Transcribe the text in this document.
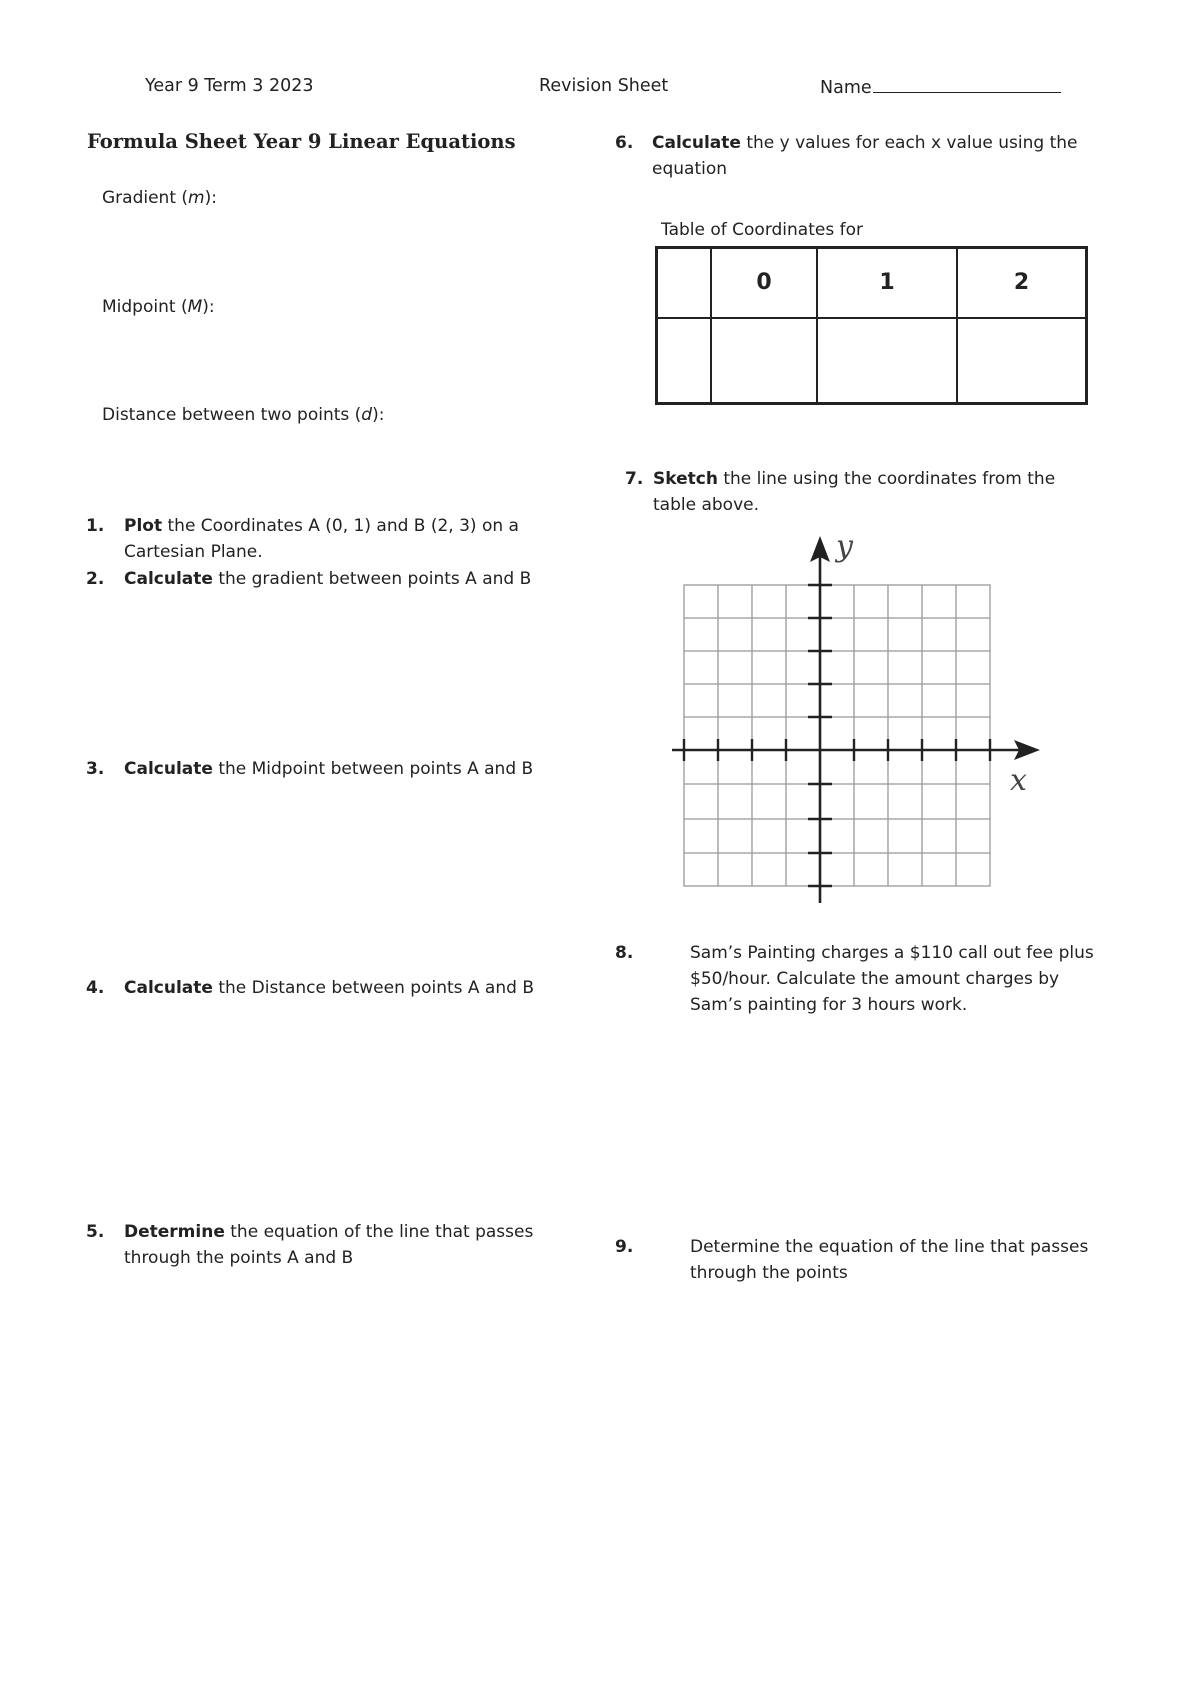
Year 9 Term 3 2023	Revision Sheet	Name
Formula Sheet Year 9 Linear Equations
Gradient (m):
Midpoint (M):
Distance between two points (d):
1. Plot the Coordinates A (0, 1) and B (2, 3) on a Cartesian Plane.
2. Calculate the gradient between points A and B
3. Calculate the Midpoint between points A and B
4. Calculate the Distance between points A and B
5. Determine the equation of the line that passes through the points A and B
6. Calculate the y values for each x value using the equation
Table of Coordinates for
	0	1	2

7. Sketch the line using the coordinates from the table above.
y
x
8.	Sam’s Painting charges a $110 call out fee plus $50/hour. Calculate the amount charges by Sam’s painting for 3 hours work.
9.	Determine the equation of the line that passes through the points
